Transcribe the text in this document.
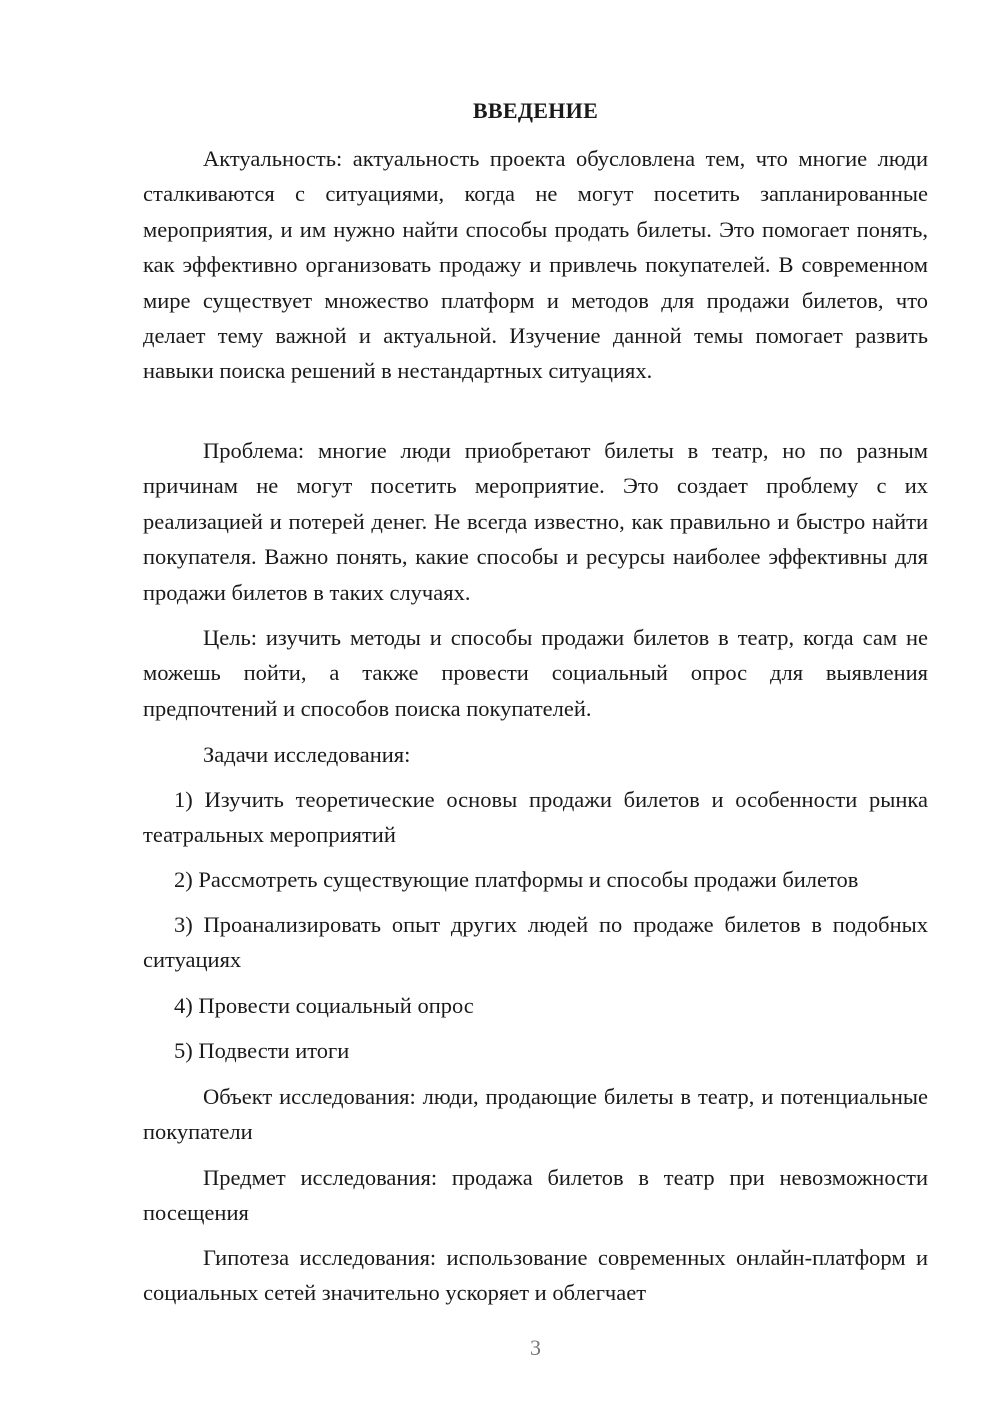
ВВЕДЕНИЕ

Актуальность: актуальность проекта обусловлена тем, что многие люди сталкиваются с ситуациями, когда не могут посетить запланированные мероприятия, и им нужно найти способы продать билеты. Это помогает понять, как эффективно организовать продажу и привлечь покупателей. В современном мире существует множество платформ и методов для продажи билетов, что делает тему важной и актуальной. Изучение данной темы помогает развить навыки поиска решений в нестандартных ситуациях.

Проблема: многие люди приобретают билеты в театр, но по разным причинам не могут посетить мероприятие. Это создает проблему с их реализацией и потерей денег. Не всегда известно, как правильно и быстро найти покупателя. Важно понять, какие способы и ресурсы наиболее эффективны для продажи билетов в таких случаях.

Цель: изучить методы и способы продажи билетов в театр, когда сам не можешь пойти, а также провести социальный опрос для выявления предпочтений и способов поиска покупателей.

Задачи исследования:

1) Изучить теоретические основы продажи билетов и особенности рынка театральных мероприятий

2) Рассмотреть существующие платформы и способы продажи билетов

3) Проанализировать опыт других людей по продаже билетов в подобных ситуациях

4) Провести социальный опрос

5) Подвести итоги

Объект исследования: люди, продающие билеты в театр, и потенциальные покупатели

Предмет исследования: продажа билетов в театр при невозможности посещения

Гипотеза исследования: использование современных онлайн-платформ и социальных сетей значительно ускоряет и облегчает

3
